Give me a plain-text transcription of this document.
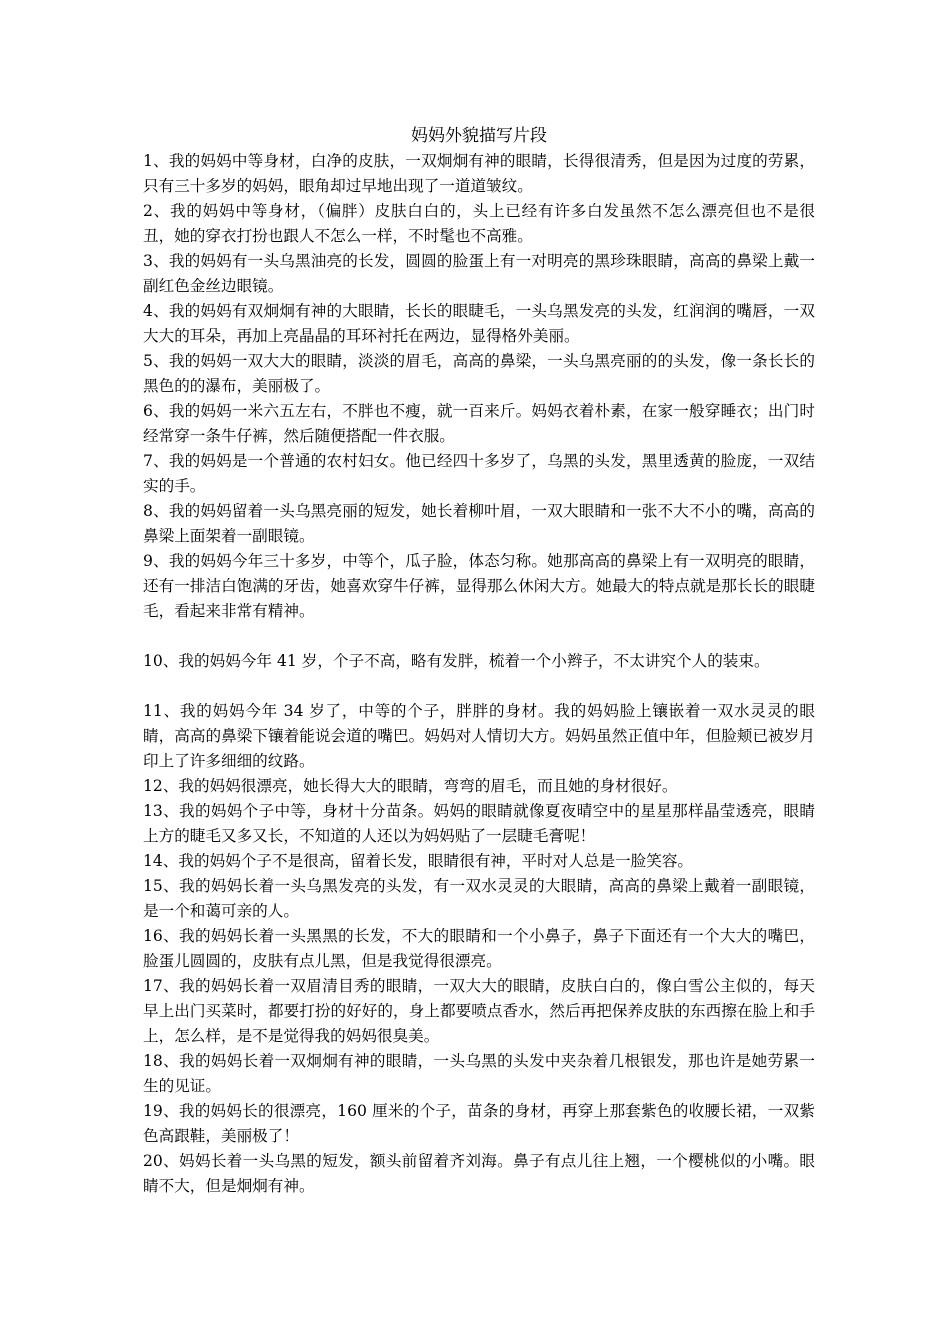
妈妈外貌描写片段

1、我的妈妈中等身材，白净的皮肤，一双炯炯有神的眼睛，长得很清秀，但是因为过度的劳累，只有三十多岁的妈妈，眼角却过早地出现了一道道皱纹。

2、我的妈妈中等身材，（偏胖）皮肤白白的，头上已经有许多白发虽然不怎么漂亮但也不是很丑，她的穿衣打扮也跟人不怎么一样，不时髦也不高雅。

3、我的妈妈有一头乌黑油亮的长发，圆圆的脸蛋上有一对明亮的黑珍珠眼睛，高高的鼻梁上戴一副红色金丝边眼镜。

4、我的妈妈有双炯炯有神的大眼睛，长长的眼睫毛，一头乌黑发亮的头发，红润润的嘴唇，一双大大的耳朵，再加上亮晶晶的耳环衬托在两边，显得格外美丽。

5、我的妈妈一双大大的眼睛，淡淡的眉毛，高高的鼻梁，一头乌黑亮丽的的头发，像一条长长的黑色的的瀑布，美丽极了。

6、我的妈妈一米六五左右，不胖也不瘦，就一百来斤。妈妈衣着朴素，在家一般穿睡衣；出门时经常穿一条牛仔裤，然后随便搭配一件衣服。

7、我的妈妈是一个普通的农村妇女。他已经四十多岁了，乌黑的头发，黑里透黄的脸庞，一双结实的手。

8、我的妈妈留着一头乌黑亮丽的短发，她长着柳叶眉，一双大眼睛和一张不大不小的嘴，高高的鼻梁上面架着一副眼镜。

9、我的妈妈今年三十多岁，中等个，瓜子脸，体态匀称。她那高高的鼻梁上有一双明亮的眼睛，还有一排洁白饱满的牙齿，她喜欢穿牛仔裤，显得那么休闲大方。她最大的特点就是那长长的眼睫毛，看起来非常有精神。

10、我的妈妈今年 41 岁，个子不高，略有发胖，梳着一个小辫子，不太讲究个人的装束。

11、我的妈妈今年 34 岁了，中等的个子，胖胖的身材。我的妈妈脸上镶嵌着一双水灵灵的眼睛，高高的鼻梁下镶着能说会道的嘴巴。妈妈对人情切大方。妈妈虽然正值中年，但脸颊已被岁月印上了许多细细的纹路。

12、我的妈妈很漂亮，她长得大大的眼睛，弯弯的眉毛，而且她的身材很好。

13、我的妈妈个子中等，身材十分苗条。妈妈的眼睛就像夏夜晴空中的星星那样晶莹透亮，眼睛上方的睫毛又多又长，不知道的人还以为妈妈贴了一层睫毛膏呢！

14、我的妈妈个子不是很高，留着长发，眼睛很有神，平时对人总是一脸笑容。

15、我的妈妈长着一头乌黑发亮的头发，有一双水灵灵的大眼睛，高高的鼻梁上戴着一副眼镜，是一个和蔼可亲的人。

16、我的妈妈长着一头黑黑的长发，不大的眼睛和一个小鼻子，鼻子下面还有一个大大的嘴巴，脸蛋儿圆圆的，皮肤有点儿黑，但是我觉得很漂亮。

17、我的妈妈长着一双眉清目秀的眼睛，一双大大的眼睛，皮肤白白的，像白雪公主似的，每天早上出门买菜时，都要打扮的好好的，身上都要喷点香水，然后再把保养皮肤的东西擦在脸上和手上，怎么样，是不是觉得我的妈妈很臭美。

18、我的妈妈长着一双炯炯有神的眼睛，一头乌黑的头发中夹杂着几根银发，那也许是她劳累一生的见证。

19、我的妈妈长的很漂亮，160 厘米的个子，苗条的身材，再穿上那套紫色的收腰长裙，一双紫色高跟鞋，美丽极了！

20、妈妈长着一头乌黑的短发，额头前留着齐刘海。鼻子有点儿往上翘，一个樱桃似的小嘴。眼睛不大，但是炯炯有神。
